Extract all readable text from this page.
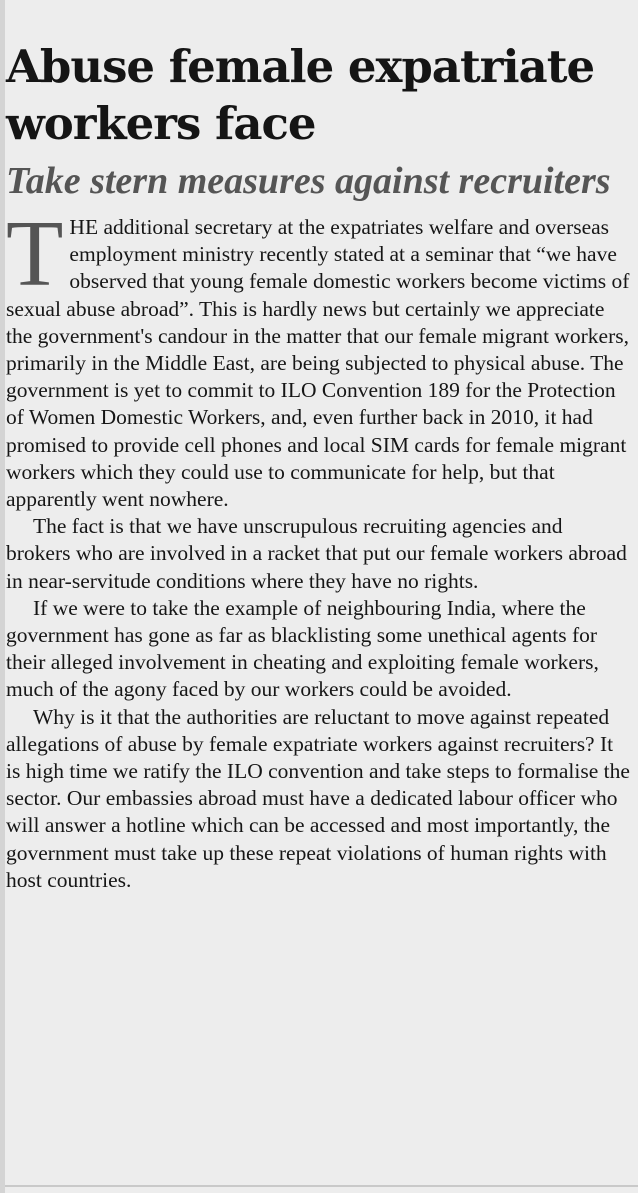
Abuse female expatriate workers face
Take stern measures against recruiters

THE additional secretary at the expatriates welfare and overseas employment ministry recently stated at a seminar that “we have observed that young female domestic workers become victims of sexual abuse abroad”. This is hardly news but certainly we appreciate the government's candour in the matter that our female migrant workers, primarily in the Middle East, are being subjected to physical abuse. The government is yet to commit to ILO Convention 189 for the Protection of Women Domestic Workers, and, even further back in 2010, it had promised to provide cell phones and local SIM cards for female migrant workers which they could use to communicate for help, but that apparently went nowhere.

The fact is that we have unscrupulous recruiting agencies and brokers who are involved in a racket that put our female workers abroad in near-servitude conditions where they have no rights.

If we were to take the example of neighbouring India, where the government has gone as far as blacklisting some unethical agents for their alleged involvement in cheating and exploiting female workers, much of the agony faced by our workers could be avoided.

Why is it that the authorities are reluctant to move against repeated allegations of abuse by female expatriate workers against recruiters? It is high time we ratify the ILO convention and take steps to formalise the sector. Our embassies abroad must have a dedicated labour officer who will answer a hotline which can be accessed and most importantly, the government must take up these repeat violations of human rights with host countries.
